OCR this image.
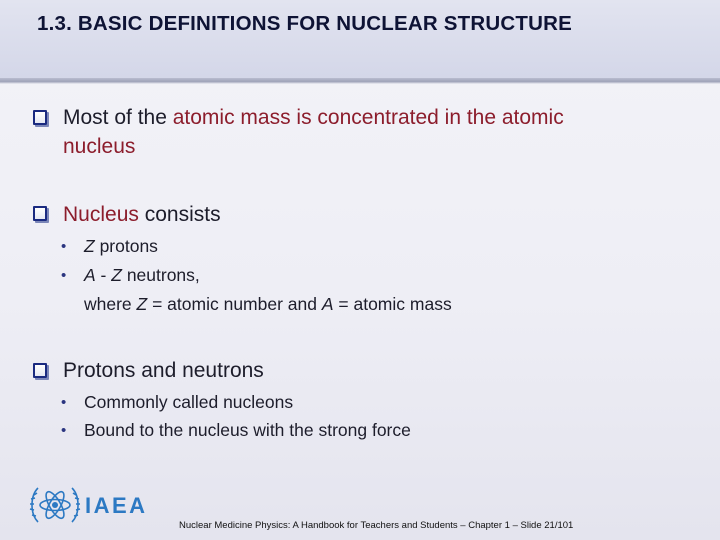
1.3. BASIC DEFINITIONS FOR NUCLEAR STRUCTURE
Most of the atomic mass is concentrated in the atomic
nucleus
Nucleus consists
• Z protons
• A - Z neutrons,
where Z = atomic number and A = atomic mass
Protons and neutrons
• Commonly called nucleons
• Bound to the nucleus with the strong force
IAEA
Nuclear Medicine Physics: A Handbook for Teachers and Students – Chapter 1 – Slide 21/101
